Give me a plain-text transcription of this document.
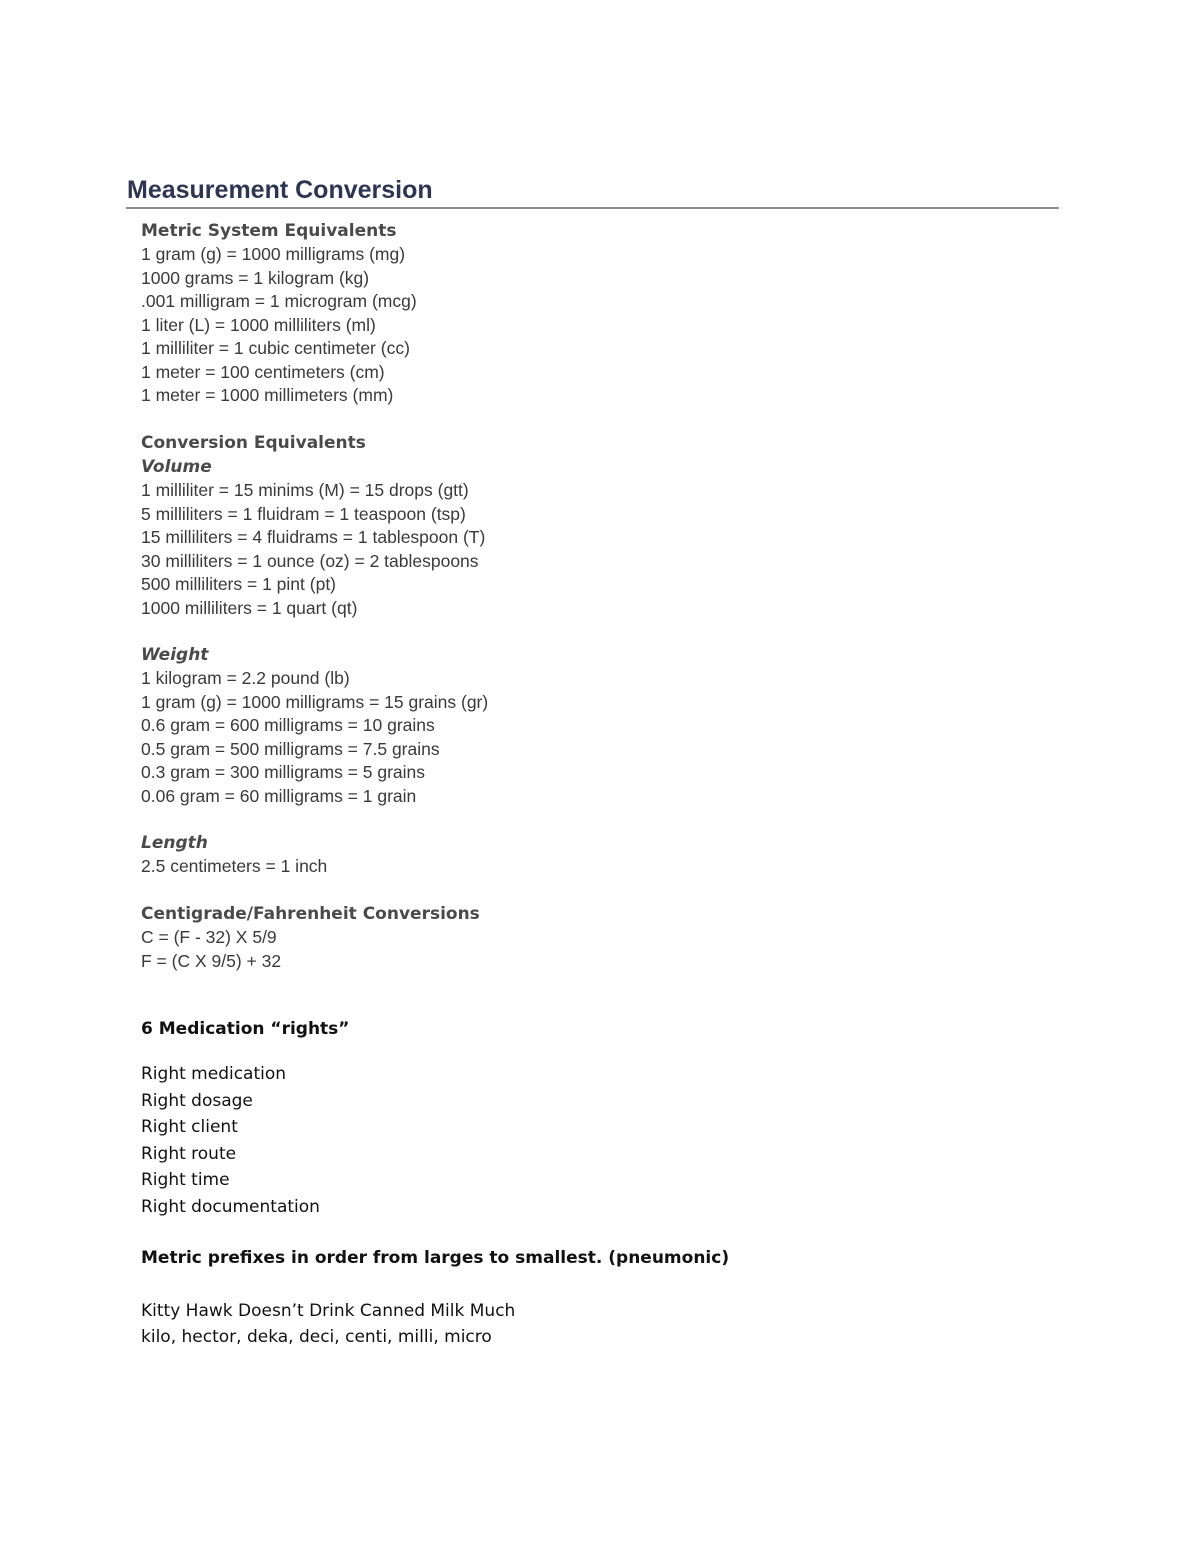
Measurement Conversion
Metric System Equivalents
1 gram (g) = 1000 milligrams (mg)
1000 grams = 1 kilogram (kg)
.001 milligram = 1 microgram (mcg)
1 liter (L) = 1000 milliliters (ml)
1 milliliter = 1 cubic centimeter (cc)
1 meter = 100 centimeters (cm)
1 meter = 1000 millimeters (mm)
Conversion Equivalents
Volume
1 milliliter = 15 minims (M) = 15 drops (gtt)
5 milliliters = 1 fluidram = 1 teaspoon (tsp)
15 milliliters = 4 fluidrams = 1 tablespoon (T)
30 milliliters = 1 ounce (oz) = 2 tablespoons
500 milliliters = 1 pint (pt)
1000 milliliters = 1 quart (qt)
Weight
1 kilogram = 2.2 pound (lb)
1 gram (g) = 1000 milligrams = 15 grains (gr)
0.6 gram = 600 milligrams = 10 grains
0.5 gram = 500 milligrams = 7.5 grains
0.3 gram = 300 milligrams = 5 grains
0.06 gram = 60 milligrams = 1 grain
Length
2.5 centimeters = 1 inch
Centigrade/Fahrenheit Conversions
C = (F - 32) X 5/9
F = (C X 9/5) + 32
6 Medication “rights”
Right medication
Right dosage
Right client
Right route
Right time
Right documentation
Metric prefixes in order from larges to smallest. (pneumonic)
Kitty Hawk Doesn’t Drink Canned Milk Much
kilo, hector, deka, deci, centi, milli, micro
